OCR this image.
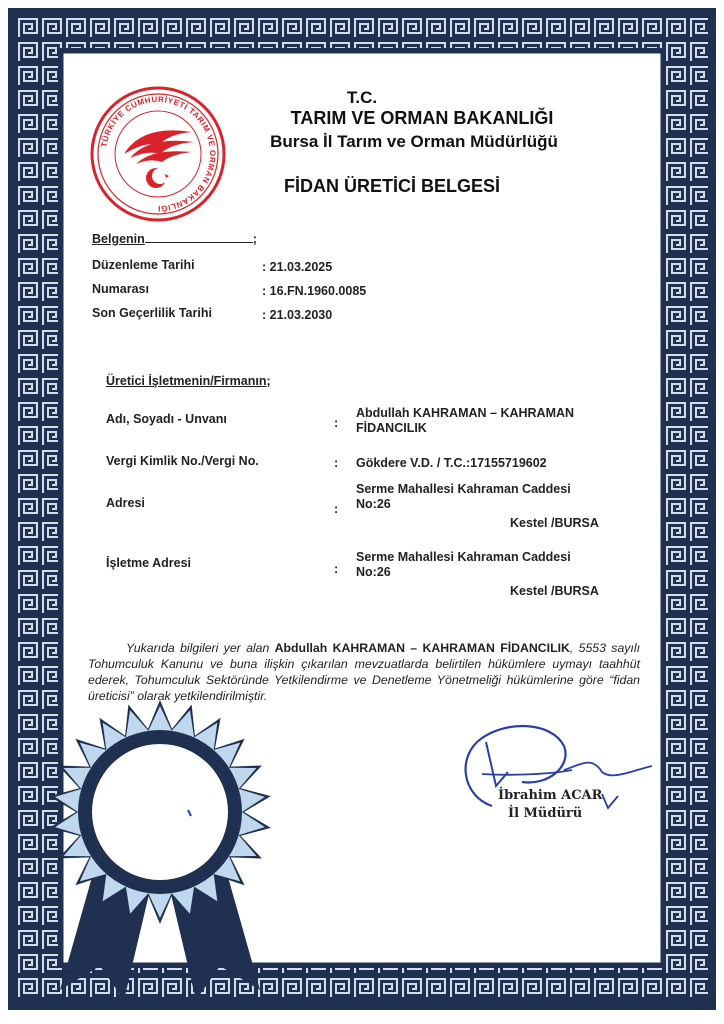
TÜRKİYE CUMHURİYETİ TARIM VE ORMAN BAKANLIĞI
T.C.
TARIM VE ORMAN BAKANLIĞI
Bursa İl Tarım ve Orman Müdürlüğü
FİDAN ÜRETİCİ BELGESİ
Belgenin	;
Düzenleme Tarihi	: 21.03.2025
Numarası	: 16.FN.1960.0085
Son Geçerlilik Tarihi	: 21.03.2030
Üretici İşletmenin/Firmanın;
Adı, Soyadı - Unvanı	:
Abdullah KAHRAMAN – KAHRAMAN
FİDANCILIK
Vergi Kimlik No./Vergi No.	: Gökdere V.D. / T.C.:17155719602
Adresi	:
Serme Mahallesi Kahraman Caddesi
No:26
Kestel /BURSA
İşletme Adresi	:
Serme Mahallesi Kahraman Caddesi
No:26
Kestel /BURSA
Yukarıda bilgileri yer alan Abdullah KAHRAMAN – KAHRAMAN FİDANCILIK, 5553 sayılı Tohumculuk Kanunu ve buna ilişkin çıkarılan mevzuatlarda belirtilen hükümlere uymayı taahhüt ederek, Tohumculuk Sektöründe Yetkilendirme ve Denetleme Yönetmeliği hükümlerine göre “fidan üreticisi” olarak yetkilendirilmiştir.
İbrahim ACAR
İl Müdürü
